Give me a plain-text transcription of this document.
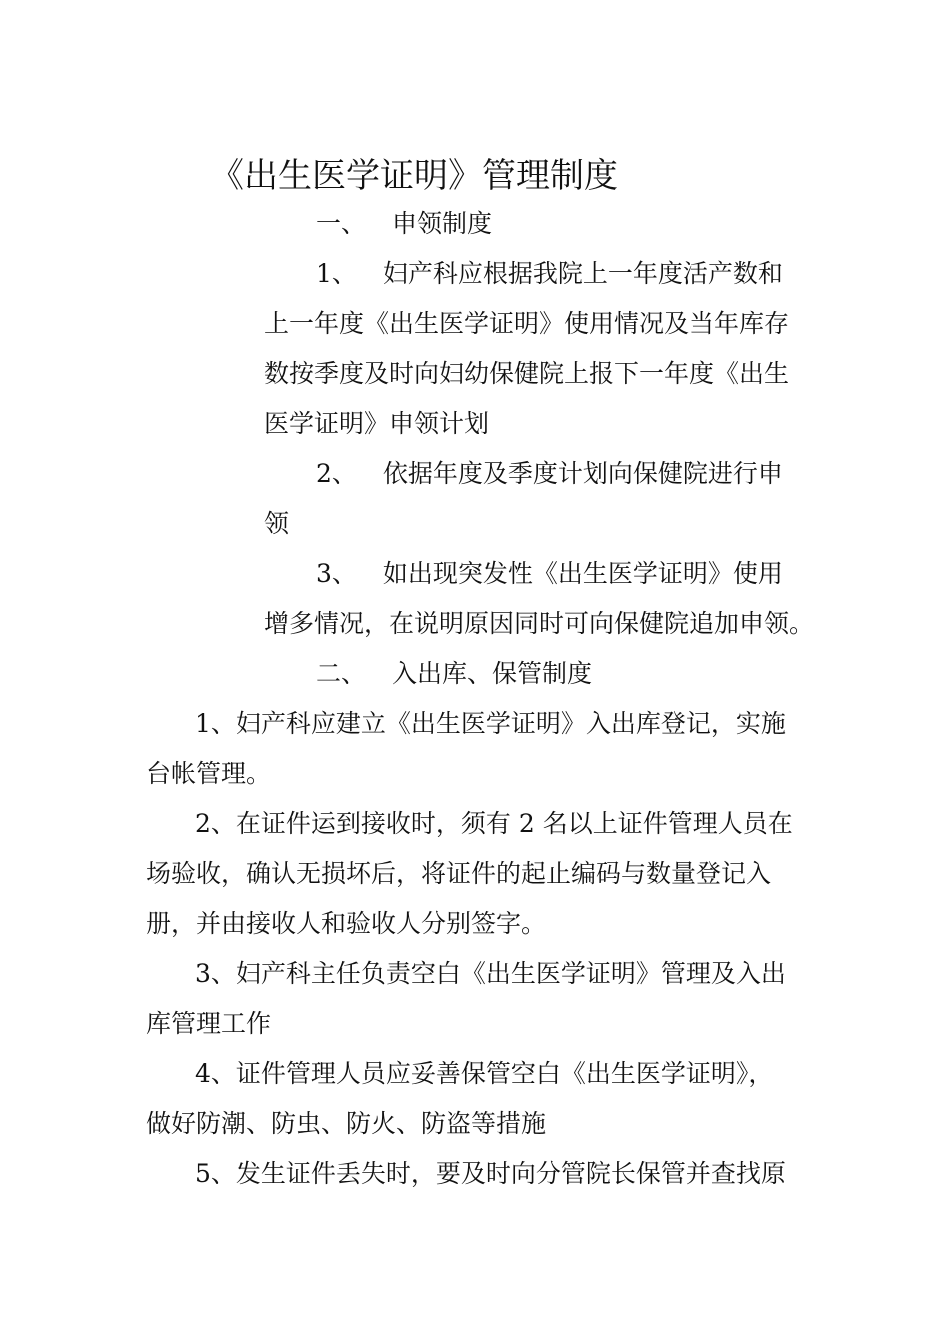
《出生医学证明》管理制度
一、 申领制度
1、 妇产科应根据我院上一年度活产数和
上一年度《出生医学证明》使用情况及当年库存
数按季度及时向妇幼保健院上报下一年度《出生
医学证明》申领计划
2、 依据年度及季度计划向保健院进行申
领
3、 如出现突发性《出生医学证明》使用
增多情况，在说明原因同时可向保健院追加申领。
二、 入出库、保管制度
1、妇产科应建立《出生医学证明》入出库登记，实施
台帐管理。
2、在证件运到接收时，须有 2 名以上证件管理人员在
场验收，确认无损坏后，将证件的起止编码与数量登记入
册，并由接收人和验收人分别签字。
3、妇产科主任负责空白《出生医学证明》管理及入出
库管理工作
4、证件管理人员应妥善保管空白《出生医学证明》，
做好防潮、防虫、防火、防盗等措施
5、发生证件丢失时，要及时向分管院长保管并查找原
